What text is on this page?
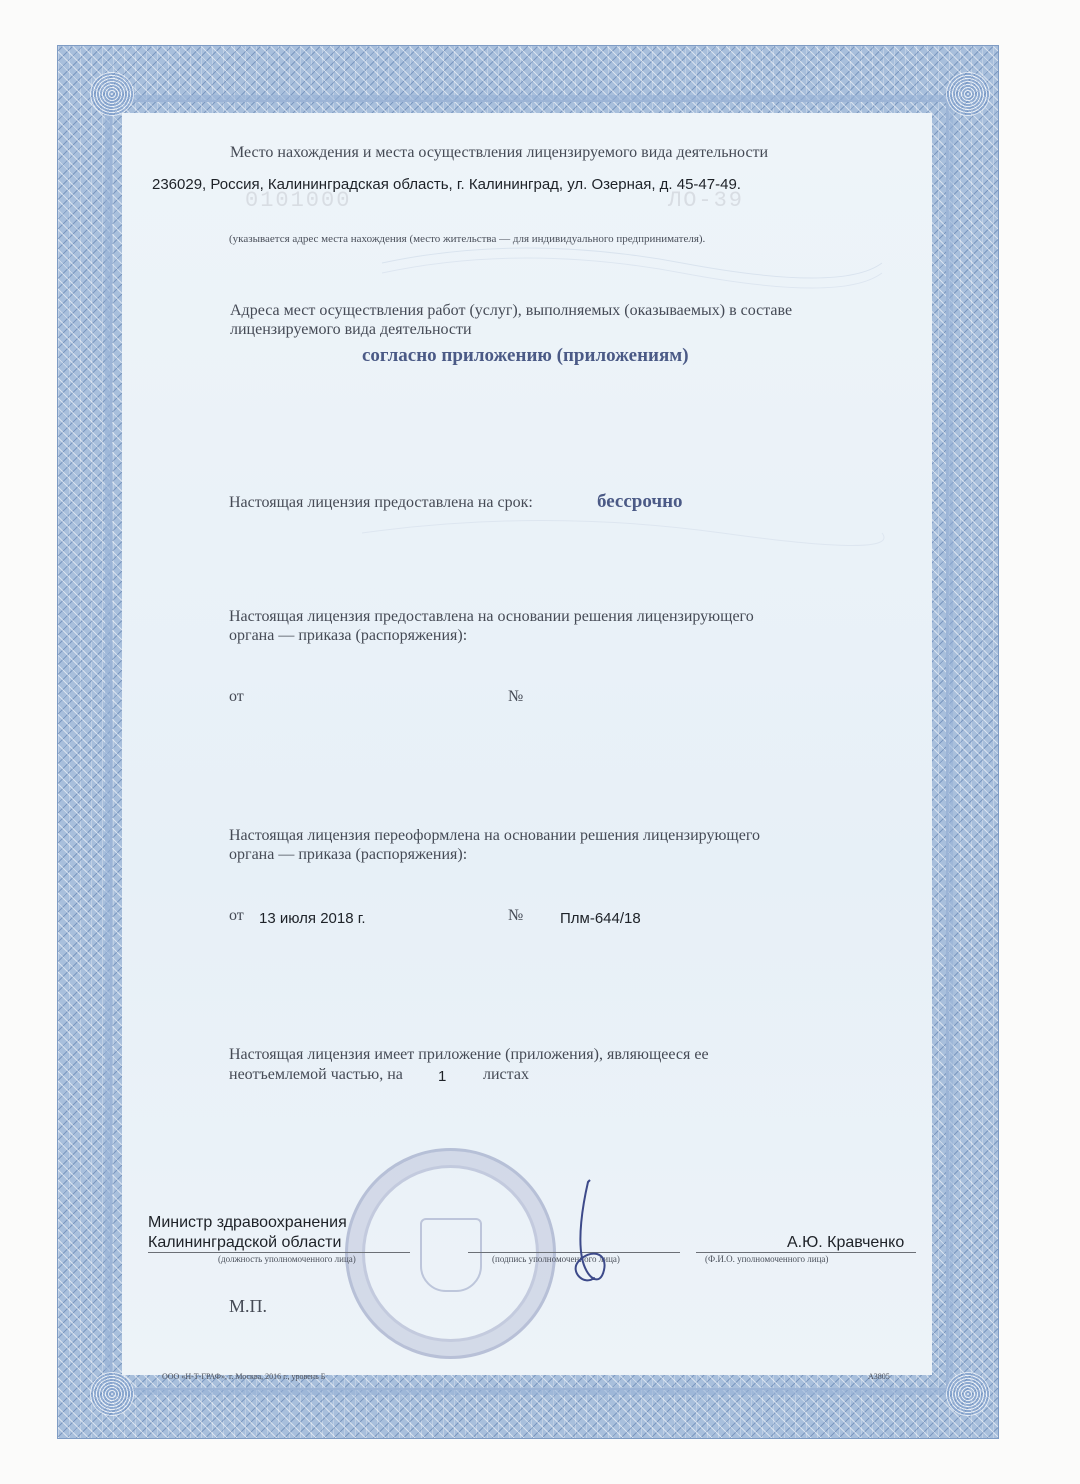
0101000	ЛО-39

Место нахождения и места осуществления лицензируемого вида деятельности

236029, Россия, Калининградская область, г. Калининград, ул. Озерная, д. 45-47-49.

(указывается адрес места нахождения (место жительства — для индивидуального предпринимателя).

Адреса мест осуществления работ (услуг), выполняемых (оказываемых) в составе

лицензируемого вида деятельности

согласно приложению (приложениям)

Настоящая лицензия предоставлена на срок:	бессрочно

Настоящая лицензия предоставлена на основании решения лицензирующего

органа — приказа (распоряжения):

от	№

Настоящая лицензия переоформлена на основании решения лицензирующего

органа — приказа (распоряжения):

от 13 июля 2018 г.	№ Плм-644/18

Настоящая лицензия имеет приложение (приложения), являющееся ее

неотъемлемой частью, на 1 листах

Министр здравоохранения

Калининградской области

(должность уполномоченного лица)	(подпись уполномоченного лица)

А.Ю. Кравченко

(Ф.И.О. уполномоченного лица)

М.П.

ООО «Н-Т-ГРАФ», г. Москва, 2016 г., уровень Б	А3805
